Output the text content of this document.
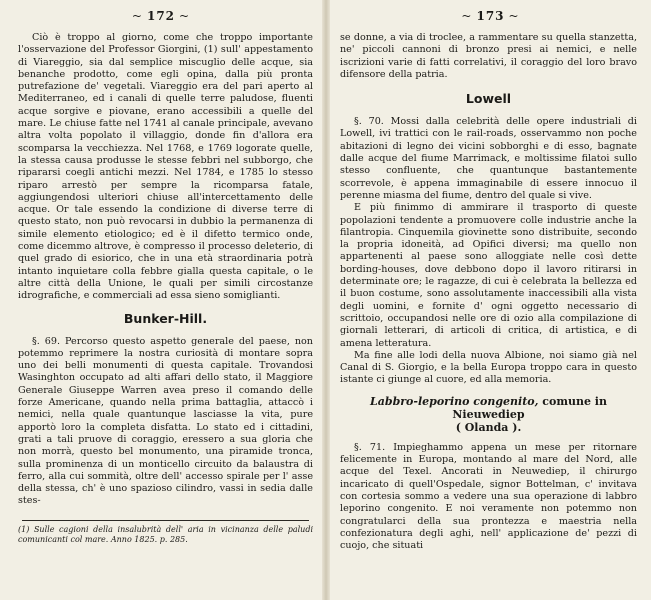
~ 172 ~

Ciò è troppo al giorno, come che troppo importante l'osservazione del Professor Giorgini, (1) sull' appestamento di Viareggio, sia dal semplice miscuglio delle acque, sia benanche prodotto, come egli opina, dalla più pronta putrefazione de' vegetali. Viareggio era del pari aperto al Mediterraneo, ed i canali di quelle terre paludose, fluenti acque sorgive e piovane, erano accessibili a quelle del mare. Le chiuse fatte nel 1741 al canale principale, avevano altra volta popolato il villaggio, donde fin d'allora era scomparsa la vecchiezza. Nel 1768, e 1769 logorate quelle, la stessa causa produsse le stesse febbri nel subborgo, che ripararsi coegli antichi mezzi. Nel 1784, e 1785 lo stesso riparo arrestò per sempre la ricomparsa fatale, aggiungendosi ulteriori chiuse all'intercettamento delle acque. Or tale essendo la condizione di diverse terre di questo stato, non può revocarsi in dubbio la permanenza di simile elemento etiologico; ed è il difetto termico onde, come dicemmo altrove, è compresso il processo deleterio, di quel grado di esiorico, che in una età straordinaria potrà intanto inquietare colla febbre gialla questa capitale, o le altre città della Unione, le quali per simili circostanze idrografiche, e commerciali ad essa sieno somiglianti.

Bunker-Hill.

§. 69. Percorso questo aspetto generale del paese, non potemmo reprimere la nostra curiosità di montare sopra uno dei belli monumenti di questa capitale. Trovandosi Wasinghton occupato ad alti affari dello stato, il Maggiore Generale Giuseppe Warren avea preso il comando delle forze Americane, quando nella prima battaglia, attaccò i nemici, nella quale quantunque lasciasse la vita, pure apportò loro la completa disfatta. Lo stato ed i cittadini, grati a tali pruove di coraggio, eressero a sua gloria che non morrà, questo bel monumento, una piramide tronca, sulla prominenza di un monticello circuito da balaustra di ferro, alla cui sommità, oltre dell' accesso spirale per l' asse della stessa, ch' è uno spazioso cilindro, vassi in sedia dalle stes-

(1) Sulle cagioni della insalubrità dell' aria in vicinanza delle paludi comunicanti col mare. Anno 1825. p. 285.

~ 173 ~

se donne, a via di troclee, a rammentare su quella stanzetta, ne' piccoli cannoni di bronzo presi ai nemici, e nelle iscrizioni varie di fatti correlativi, il coraggio del loro bravo difensore della patria.

Lowell

§. 70. Mossi dalla celebrità delle opere industriali di Lowell, ivi trattici con le rail-roads, osservammo non poche abitazioni di legno dei vicini sobborghi e di esso, bagnate dalle acque del fiume Marrimack, e moltissime filatoi sullo stesso confluente, che quantunque bastantemente scorrevole, è appena immaginabile di essere innocuo il perenne miasma del fiume, dentro del quale si vive.

E più finimmo di ammirare il trasporto di queste popolazioni tendente a promuovere colle industrie anche la filantropia. Cinquemila giovinette sono distribuite, secondo la propria idoneità, ad Opifici diversi; ma quello non appartenenti al paese sono alloggiate nelle così dette bording-houses, dove debbono dopo il lavoro ritirarsi in determinate ore; le ragazze, di cui è celebrata la bellezza ed il buon costume, sono assolutamente inaccessibili alla vista degli uomini, e fornite d' ogni oggetto necessario di scrittoio, occupandosi nelle ore di ozio alla compilazione di giornali letterari, di articoli di critica, di artistica, e di amena letteratura.

Ma fine alle lodi della nuova Albione, noi siamo già nel Canal di S. Giorgio, e la bella Europa troppo cara in questo istante ci giunge al cuore, ed alla memoria.

Labbro-leporino congenito, comune in Nieuwediep
( Olanda ).

§. 71. Impieghammo appena un mese per ritornare felicemente in Europa, montando al mare del Nord, alle acque del Texel. Ancorati in Neuwediep, il chirurgo incaricato di quell'Ospedale, signor Bottelman, c' invitava con cortesia sommo a vedere una sua operazione di labbro leporino congenito. E noi veramente non potemmo non congratularci della sua prontezza e maestria nella confezionatura degli aghi, nell' applicazione de' pezzi di cuojo, che situati
